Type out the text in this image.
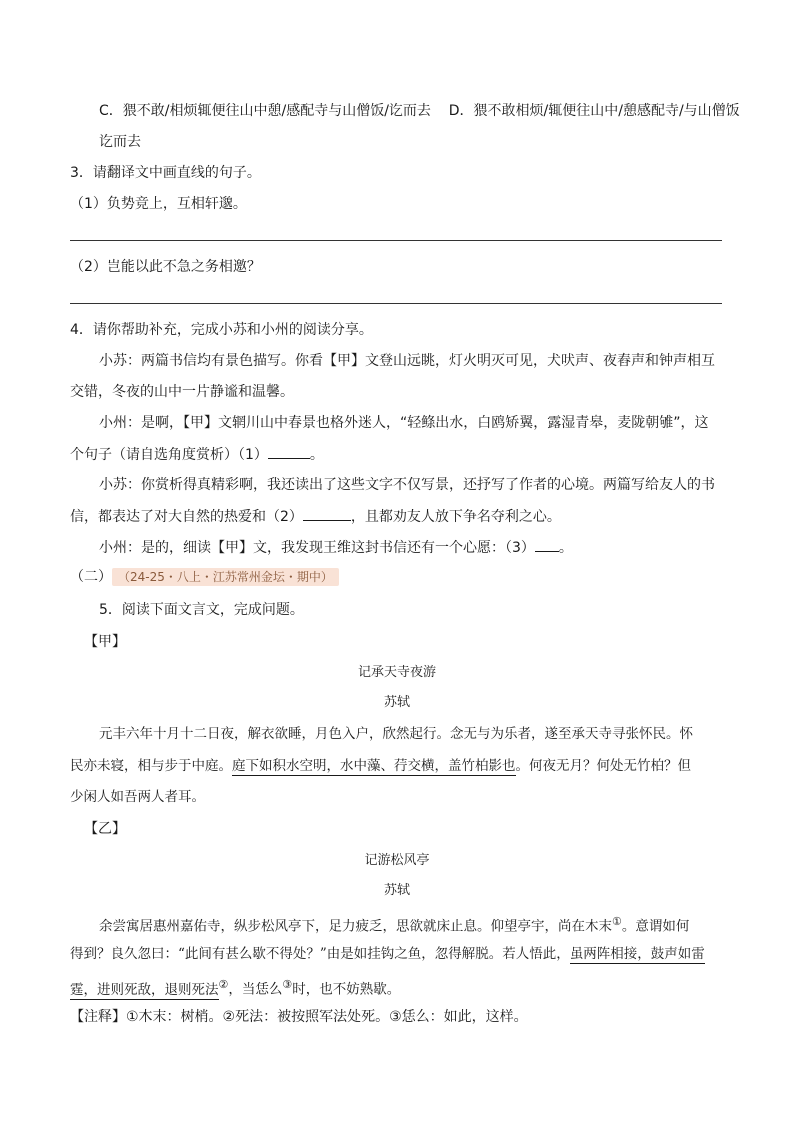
C．猥不敢/相烦辄便往山中憩/感配寺与山僧饭/讫而去 D．猥不敢相烦/辄便往山中/憩感配寺/与山僧饭
讫而去
3．请翻译文中画直线的句子。
（1）负势竞上，互相轩邈。
（2）岂能以此不急之务相邀？
4．请你帮助补充，完成小苏和小州的阅读分享。
小苏：两篇书信均有景色描写。你看【甲】文登山远眺，灯火明灭可见，犬吠声、夜舂声和钟声相互
交错，冬夜的山中一片静谧和温馨。
小州：是啊，【甲】文辋川山中春景也格外迷人，“轻鲦出水，白鸥矫翼，露湿青皋，麦陇朝雊”，这
个句子（请自选角度赏析）（1）	。
小苏：你赏析得真精彩啊，我还读出了这些文字不仅写景，还抒写了作者的心境。两篇写给友人的书
信，都表达了对大自然的热爱和（2）	，且都劝友人放下争名夺利之心。
小州：是的，细读【甲】文，我发现王维这封书信还有一个心愿：（3） 。
（二） （24-25・八上・江苏常州金坛・期中）
5．阅读下面文言文，完成问题。
【甲】
记承天寺夜游
苏轼
元丰六年十月十二日夜，解衣欲睡，月色入户，欣然起行。念无与为乐者，遂至承天寺寻张怀民。怀
民亦未寝，相与步于中庭。庭下如积水空明，水中藻、荇交横，盖竹柏影也。何夜无月？何处无竹柏？但
少闲人如吾两人者耳。
【乙】
记游松风亭
苏轼
余尝寓居惠州嘉佑寺，纵步松风亭下，足力疲乏，思欲就床止息。仰望亭宇，尚在木末①。意谓如何
得到？良久忽曰：“此间有甚么歇不得处？”由是如挂钩之鱼，忽得解脱。若人悟此，虽两阵相接，鼓声如雷
霆，进则死敌，退则死法②，当恁么③时，也不妨熟歇。
【注释】①木末：树梢。②死法：被按照军法处死。③恁么：如此，这样。
